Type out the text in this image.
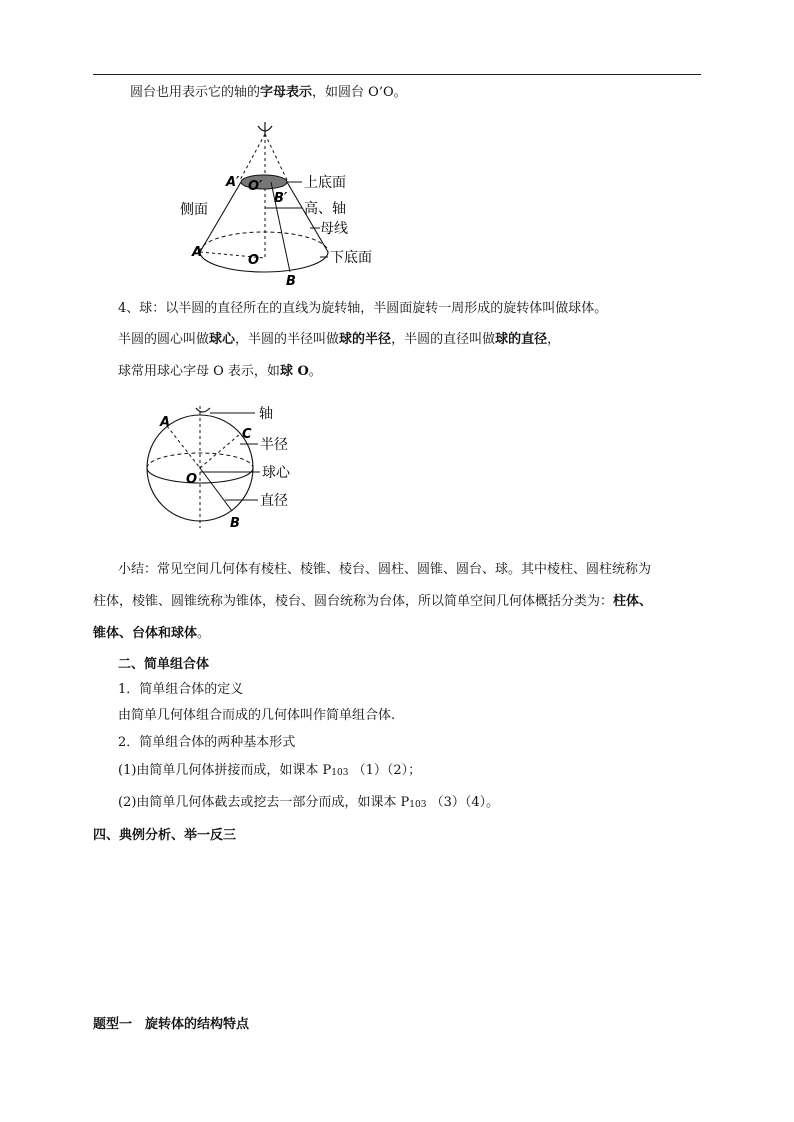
圆台也用表示它的轴的字母表示，如圆台 O’O。
A′ O′
B′
A
O
B
上底面
侧面	高、轴
母线
下底面
4、球：以半圆的直径所在的直线为旋转轴，半圆面旋转一周形成的旋转体叫做球体。
半圆的圆心叫做球心，半圆的半径叫做球的半径，半圆的直径叫做球的直径，
球常用球心字母 O 表示，如球 O。
A
C
O
B
轴
半径
球心
直径
小结：常见空间几何体有棱柱、棱锥、棱台、圆柱、圆锥、圆台、球。其中棱柱、圆柱统称为
柱体，棱锥、圆锥统称为锥体，棱台、圆台统称为台体，所以简单空间几何体概括分类为：柱体、
锥体、台体和球体。
二、简单组合体
1．简单组合体的定义
由简单几何体组合而成的几何体叫作简单组合体.
2．简单组合体的两种基本形式
(1)由简单几何体拼接而成，如课本 $P_{103}$ （1）（2）；
(2)由简单几何体截去或挖去一部分而成，如课本 $P_{103}$ （3）（4）。
四、典例分析、举一反三
题型一　旋转体的结构特点
